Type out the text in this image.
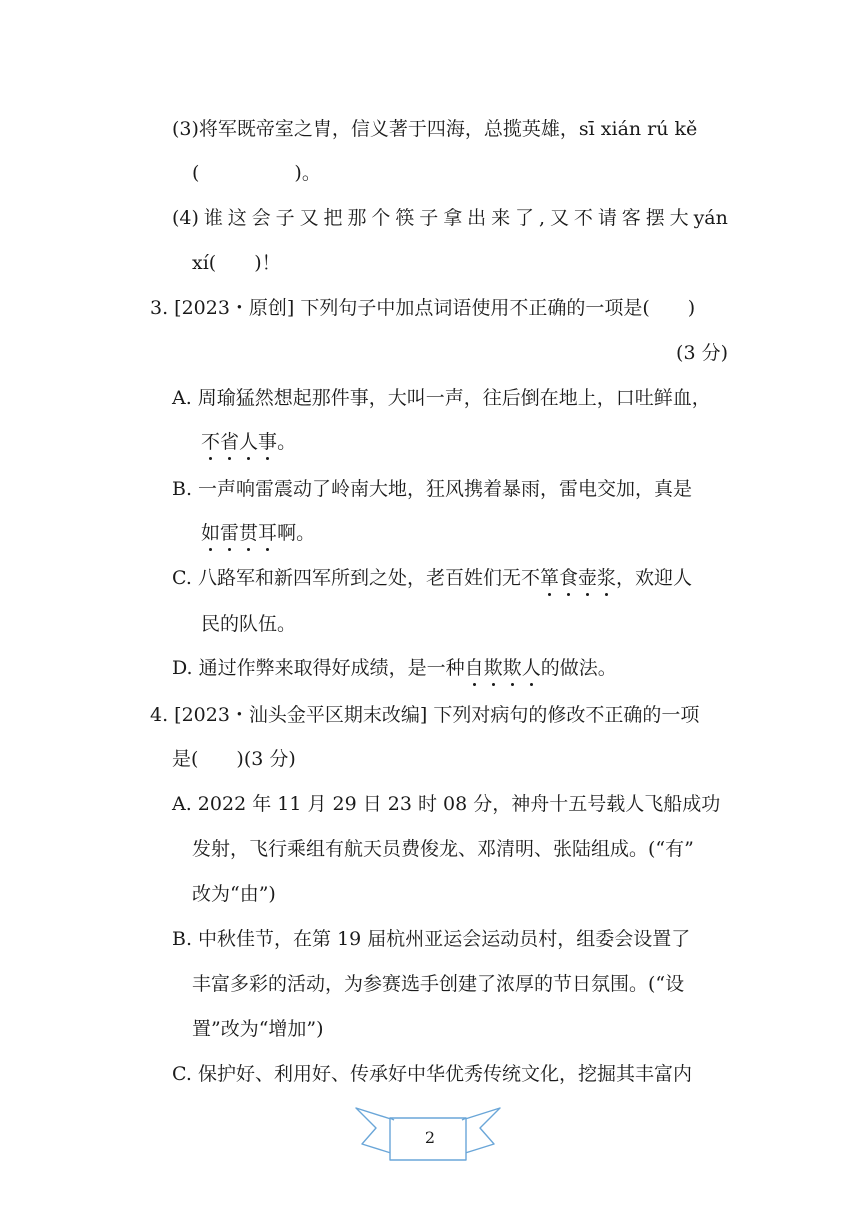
(3)将军既帝室之胄，信义著于四海，总揽英雄，sī xián rú kě
(　　　　　)。
(4) 谁 这 会 子 又 把 那 个 筷 子 拿 出 来 了 , 又 不 请 客 摆 大 yán
xí(　　)！
3. [2023・原创] 下列句子中加点词语使用不正确的一项是(　　)
(3 分)
A. 周瑜猛然想起那件事，大叫一声，往后倒在地上，口吐鲜血，
不省人事。
B. 一声响雷震动了岭南大地，狂风携着暴雨，雷电交加，真是
如雷贯耳啊。
C. 八路军和新四军所到之处，老百姓们无不箪食壶浆，欢迎人
民的队伍。
D. 通过作弊来取得好成绩，是一种自欺欺人的做法。
4. [2023・汕头金平区期末改编] 下列对病句的修改不正确的一项
是(　　)(3 分)
A. 2022 年 11 月 29 日 23 时 08 分，神舟十五号载人飞船成功
发射，飞行乘组有航天员费俊龙、邓清明、张陆组成。(“有”
改为“由”)
B. 中秋佳节，在第 19 届杭州亚运会运动员村，组委会设置了
丰富多彩的活动，为参赛选手创建了浓厚的节日氛围。(“设
置”改为“增加”)
C. 保护好、利用好、传承好中华优秀传统文化，挖掘其丰富内
2
